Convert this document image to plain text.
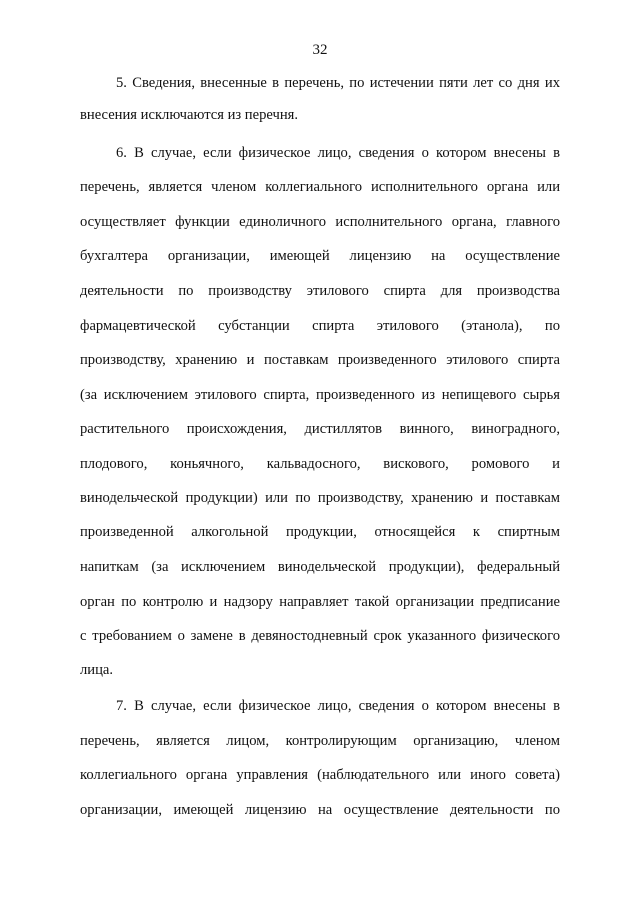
32
5. Сведения, внесенные в перечень, по истечении пяти лет со дня их
внесения исключаются из перечня.
6. В случае, если физическое лицо, сведения о котором внесены в
перечень, является членом коллегиального исполнительного органа или
осуществляет функции единоличного исполнительного органа, главного
бухгалтера организации, имеющей лицензию на осуществление
деятельности по производству этилового спирта для производства
фармацевтической субстанции спирта этилового (этанола), по
производству, хранению и поставкам произведенного этилового спирта
(за исключением этилового спирта, произведенного из непищевого сырья
растительного происхождения, дистиллятов винного, виноградного,
плодового, коньячного, кальвадосного, вискового, ромового и
винодельческой продукции) или по производству, хранению и поставкам
произведенной алкогольной продукции, относящейся к спиртным
напиткам (за исключением винодельческой продукции), федеральный
орган по контролю и надзору направляет такой организации предписание
с требованием о замене в девяностодневный срок указанного физического
лица.
7. В случае, если физическое лицо, сведения о котором внесены в
перечень, является лицом, контролирующим организацию, членом
коллегиального органа управления (наблюдательного или иного совета)
организации, имеющей лицензию на осуществление деятельности по
